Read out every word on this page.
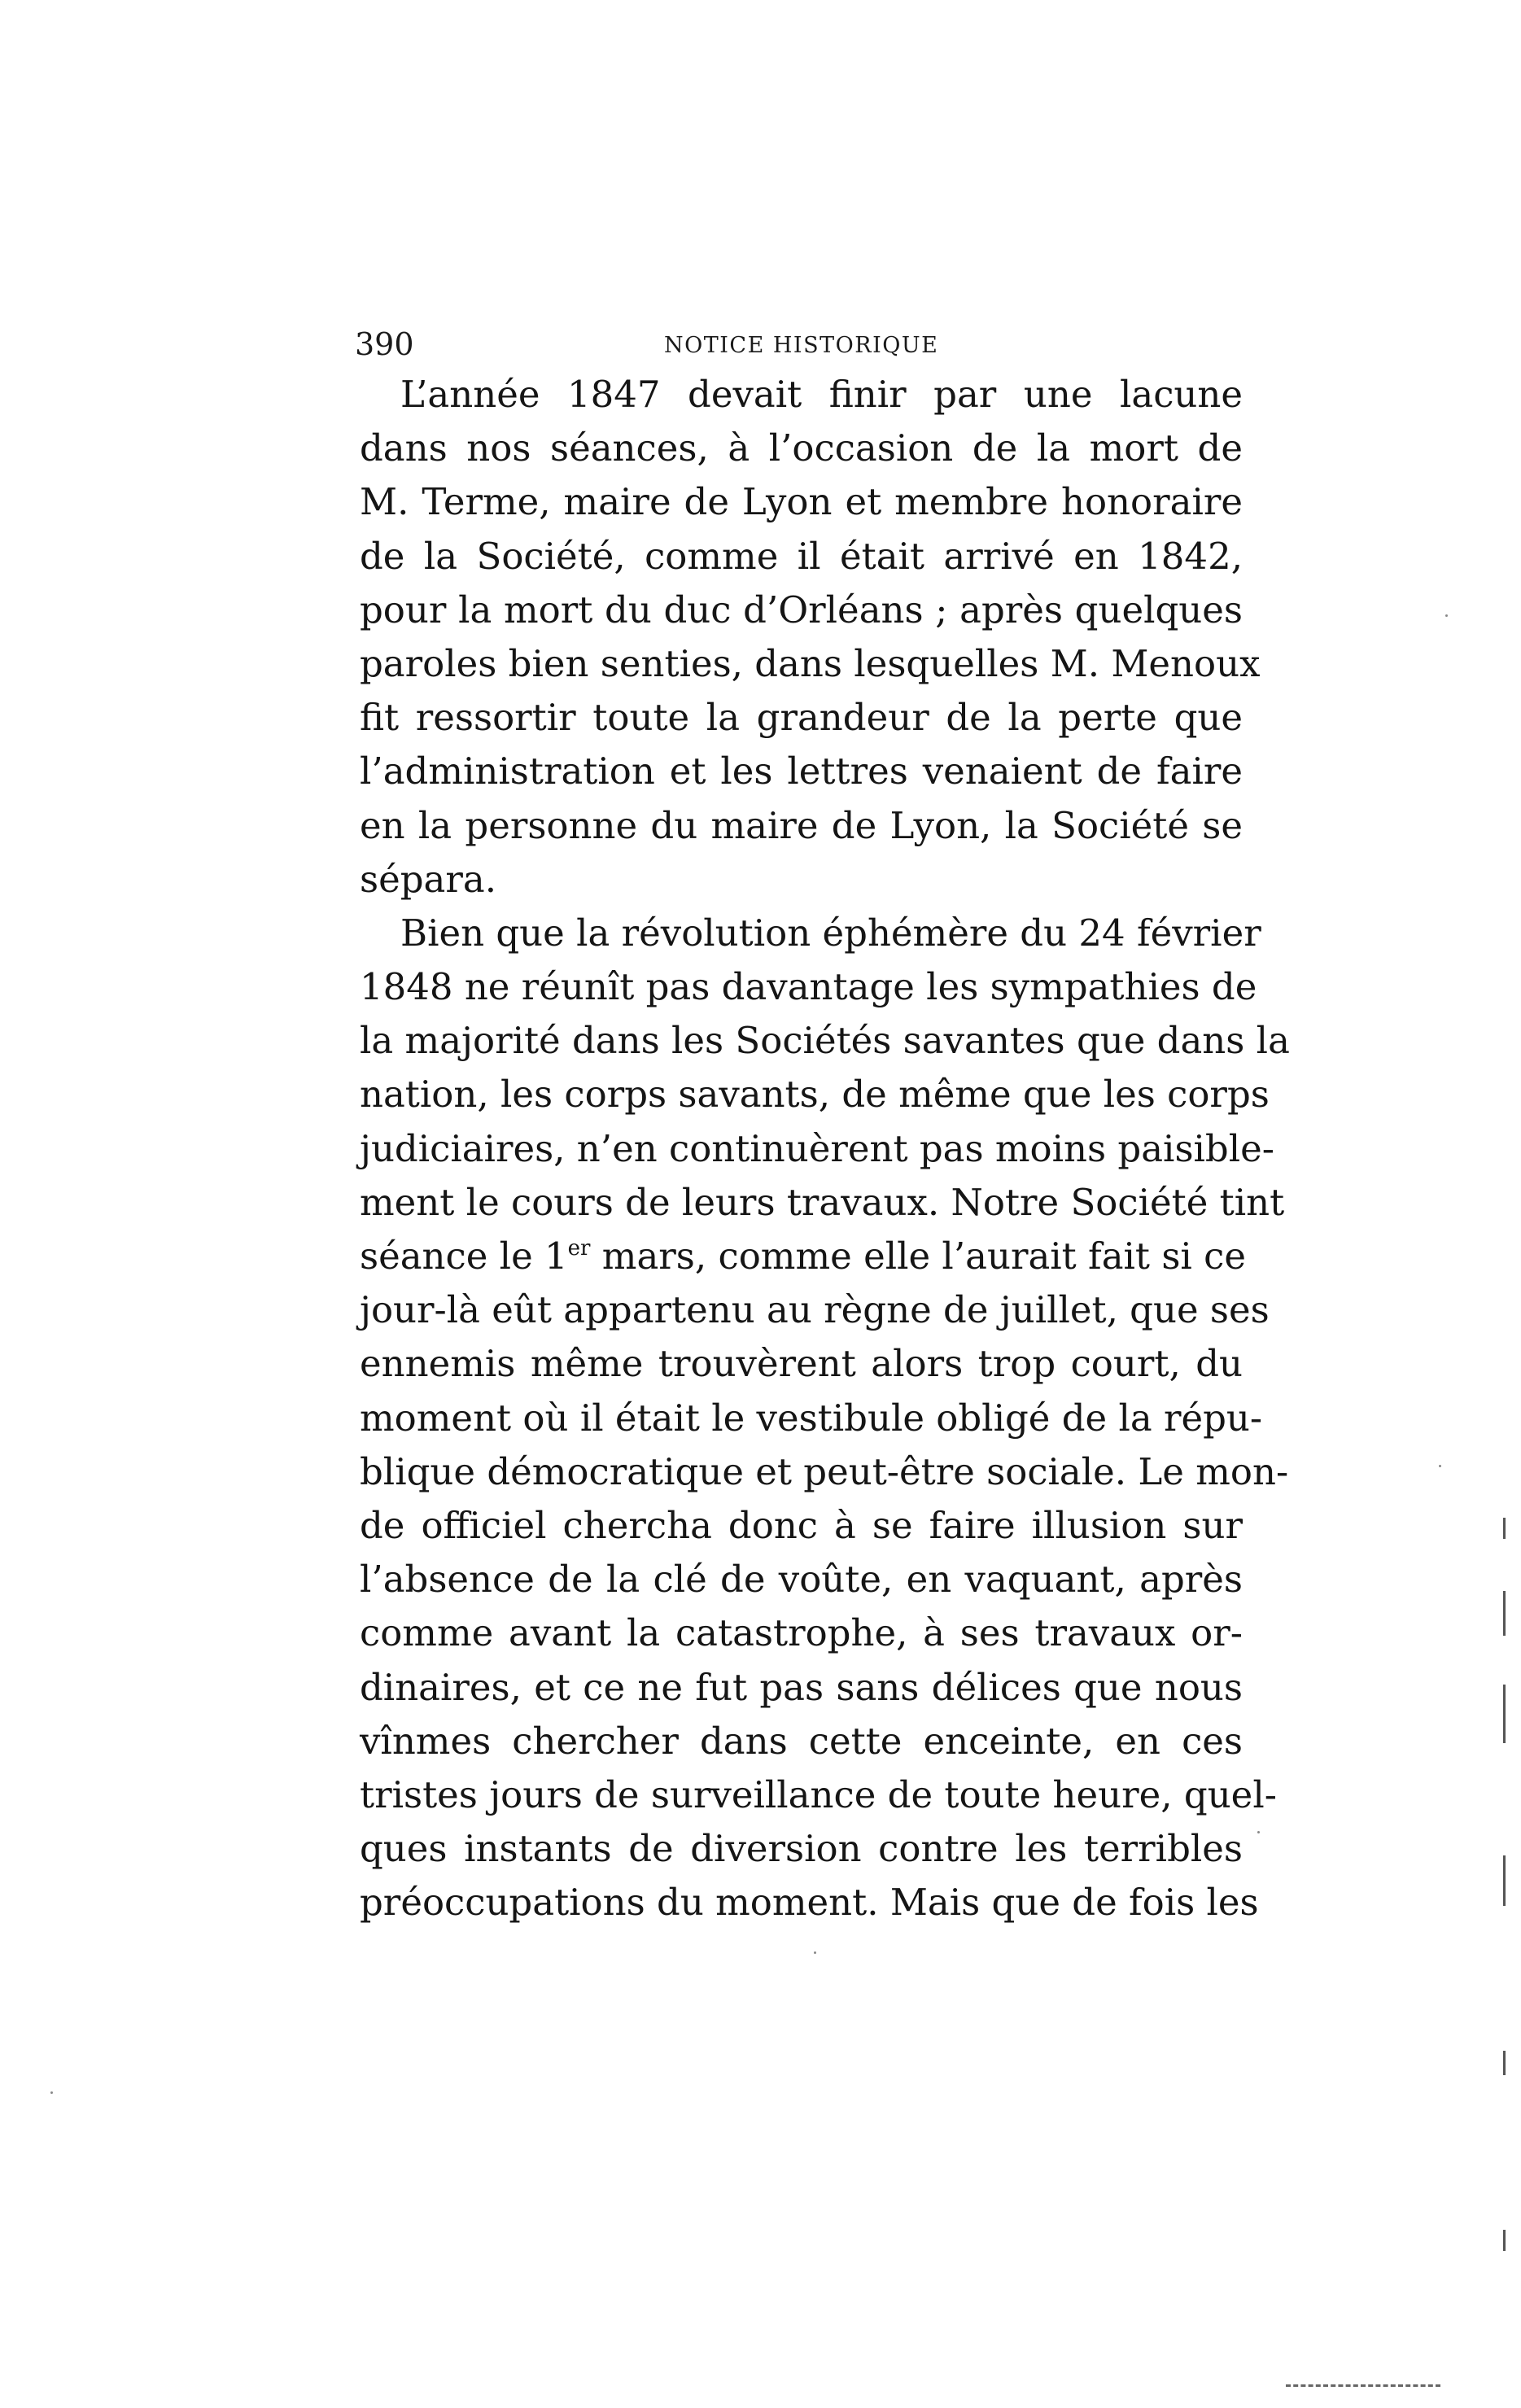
390	NOTICE HISTORIQUE
L’année 1847 devait finir par une lacune
dans nos séances, à l’occasion de la mort de
M. Terme, maire de Lyon et membre honoraire
de la Société, comme il était arrivé en 1842,
pour la mort du duc d’Orléans ; après quelques
paroles bien senties, dans lesquelles M. Menoux
fit ressortir toute la grandeur de la perte que
l’administration et les lettres venaient de faire
en la personne du maire de Lyon, la Société se
sépara.
Bien que la révolution éphémère du 24 février
1848 ne réunît pas davantage les sympathies de
la majorité dans les Sociétés savantes que dans la
nation, les corps savants, de même que les corps
judiciaires, n’en continuèrent pas moins paisible-
ment le cours de leurs travaux. Notre Société tint
séance le 1er mars, comme elle l’aurait fait si ce
jour-là eût appartenu au règne de juillet, que ses
ennemis même trouvèrent alors trop court, du
moment où il était le vestibule obligé de la répu-
blique démocratique et peut-être sociale. Le mon-
de officiel chercha donc à se faire illusion sur
l’absence de la clé de voûte, en vaquant, après
comme avant la catastrophe, à ses travaux or-
dinaires, et ce ne fut pas sans délices que nous
vînmes chercher dans cette enceinte, en ces
tristes jours de surveillance de toute heure, quel-
ques instants de diversion contre les terribles
préoccupations du moment. Mais que de fois les
